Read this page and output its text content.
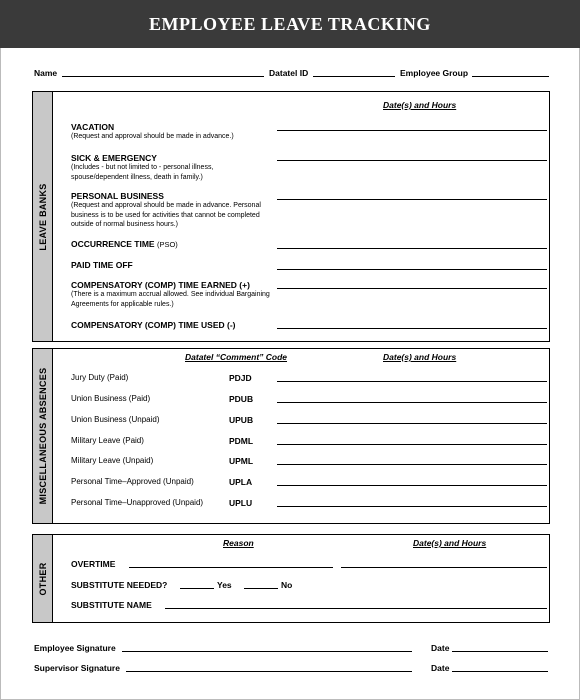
EMPLOYEE LEAVE TRACKING
Name	Datatel ID	Employee Group
LEAVE BANKS
Date(s) and Hours
VACATION
(Request and approval should be made in advance.)
SICK & EMERGENCY
(Includes - but not limited to - personal illness, spouse/dependent illness, death in family.)
PERSONAL BUSINESS
(Request and approval should be made in advance. Personal business is to be used for activities that cannot be completed outside of normal business hours.)
OCCURRENCE TIME (PSO)
PAID TIME OFF
COMPENSATORY (COMP) TIME EARNED (+)
(There is a maximum accrual allowed. See individual Bargaining Agreements for applicable rules.)
COMPENSATORY (COMP) TIME USED (-)
MISCELLANEOUS ABSENCES
Datatel “Comment” Code	Date(s) and Hours
Jury Duty (Paid)	PDJD
Union Business (Paid)	PDUB
Union Business (Unpaid)	UPUB
Military Leave (Paid)	PDML
Military Leave (Unpaid)	UPML
Personal Time–Approved (Unpaid)	UPLA
Personal Time–Unapproved (Unpaid)	UPLU
OTHER
Reason	Date(s) and Hours
OVERTIME
SUBSTITUTE NEEDED?	Yes	No
SUBSTITUTE NAME
Employee Signature	Date
Supervisor Signature	Date
